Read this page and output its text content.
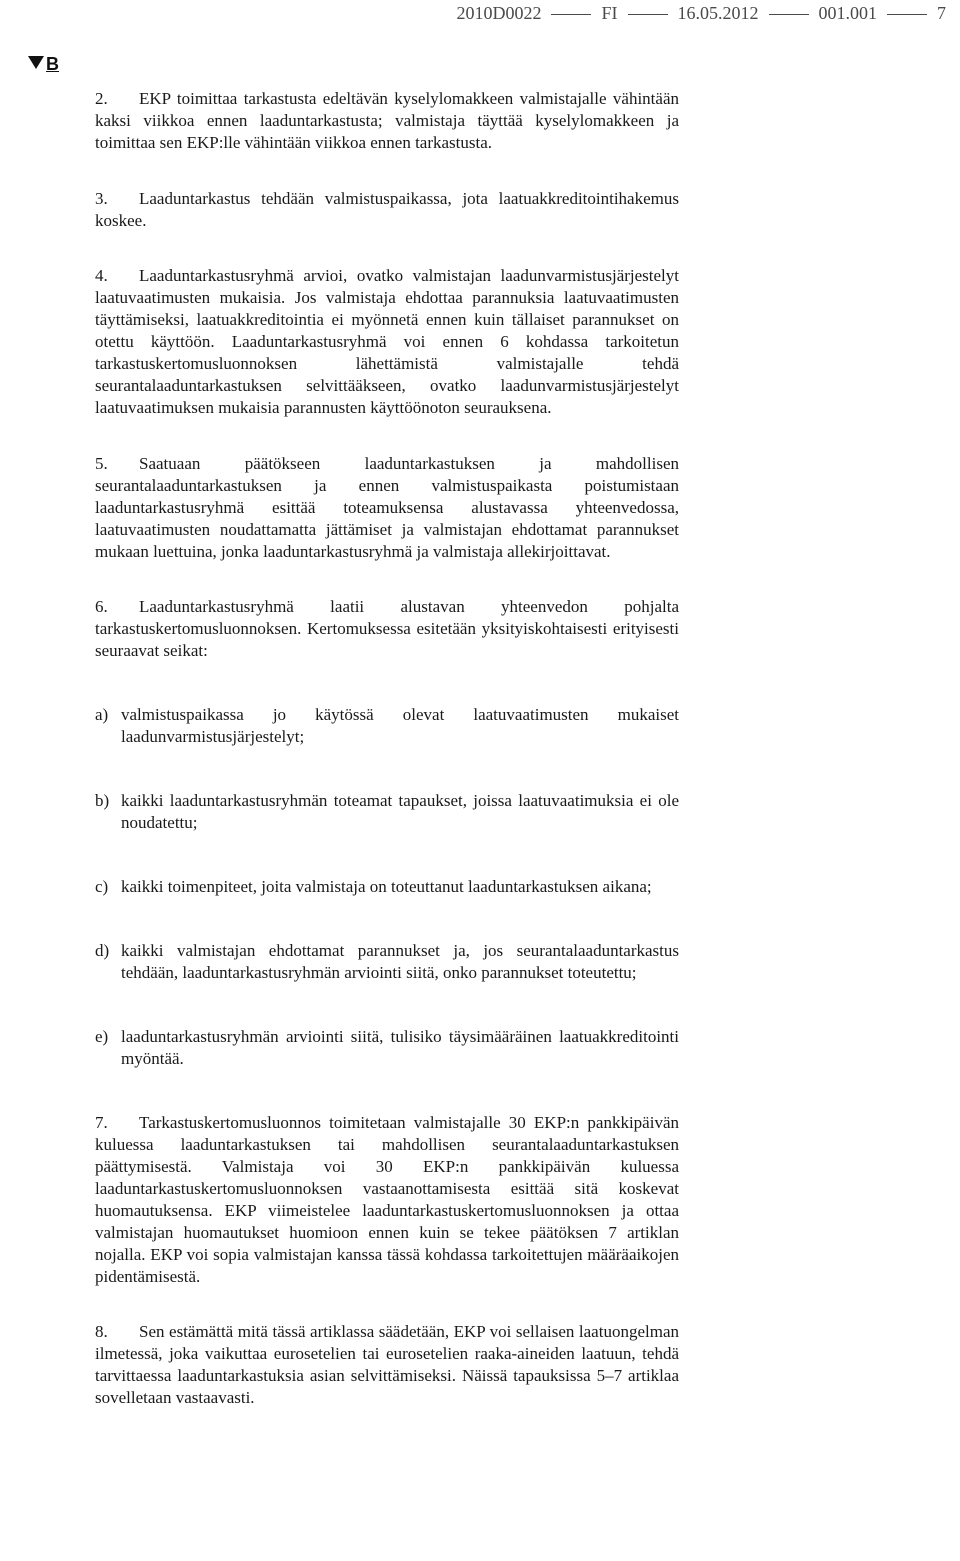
2010D0022	FI	16.05.2012	001.001	7
B

2. EKP toimittaa tarkastusta edeltävän kyselylomakkeen valmistajalle vähintään kaksi viikkoa ennen laaduntarkastusta; valmistaja täyttää kyselylomakkeen ja toimittaa sen EKP:lle vähintään viikkoa ennen tarkastusta.

3. Laaduntarkastus tehdään valmistuspaikassa, jota laatuakkreditointihakemus koskee.

4. Laaduntarkastusryhmä arvioi, ovatko valmistajan laadunvarmistusjärjestelyt laatuvaatimusten mukaisia. Jos valmistaja ehdottaa parannuksia laatuvaatimusten täyttämiseksi, laatuakkreditointia ei myönnetä ennen kuin tällaiset parannukset on otettu käyttöön. Laaduntarkastusryhmä voi ennen 6 kohdassa tarkoitetun tarkastuskertomusluonnoksen lähettämistä valmistajalle tehdä seurantalaaduntarkastuksen selvittääkseen, ovatko laadunvarmistusjärjestelyt laatuvaatimuksen mukaisia parannusten käyttöönoton seurauksena.

5. Saatuaan päätökseen laaduntarkastuksen ja mahdollisen seurantalaaduntarkastuksen ja ennen valmistuspaikasta poistumistaan laaduntarkastusryhmä esittää toteamuksensa alustavassa yhteenvedossa, laatuvaatimusten noudattamatta jättämiset ja valmistajan ehdottamat parannukset mukaan luettuina, jonka laaduntarkastusryhmä ja valmistaja allekirjoittavat.

6. Laaduntarkastusryhmä laatii alustavan yhteenvedon pohjalta tarkastuskertomusluonnoksen. Kertomuksessa esitetään yksityiskohtaisesti erityisesti seuraavat seikat:

a) valmistuspaikassa jo käytössä olevat laatuvaatimusten mukaiset laadunvarmistusjärjestelyt;
b) kaikki laaduntarkastusryhmän toteamat tapaukset, joissa laatuvaatimuksia ei ole noudatettu;
c) kaikki toimenpiteet, joita valmistaja on toteuttanut laaduntarkastuksen aikana;
d) kaikki valmistajan ehdottamat parannukset ja, jos seurantalaaduntarkastus tehdään, laaduntarkastusryhmän arviointi siitä, onko parannukset toteutettu;
e) laaduntarkastusryhmän arviointi siitä, tulisiko täysimääräinen laatuakkreditointi myöntää.

7. Tarkastuskertomusluonnos toimitetaan valmistajalle 30 EKP:n pankkipäivän kuluessa laaduntarkastuksen tai mahdollisen seurantalaaduntarkastuksen päättymisestä. Valmistaja voi 30 EKP:n pankkipäivän kuluessa laaduntarkastuskertomusluonnoksen vastaanottamisesta esittää sitä koskevat huomautuksensa. EKP viimeistelee laaduntarkastuskertomusluonnoksen ja ottaa valmistajan huomautukset huomioon ennen kuin se tekee päätöksen 7 artiklan nojalla. EKP voi sopia valmistajan kanssa tässä kohdassa tarkoitettujen määräaikojen pidentämisestä.

8. Sen estämättä mitä tässä artiklassa säädetään, EKP voi sellaisen laatuongelman ilmetessä, joka vaikuttaa eurosetelien tai eurosetelien raaka-aineiden laatuun, tehdä tarvittaessa laaduntarkastuksia asian selvittämiseksi. Näissä tapauksissa 5–7 artiklaa sovelletaan vastaavasti.
